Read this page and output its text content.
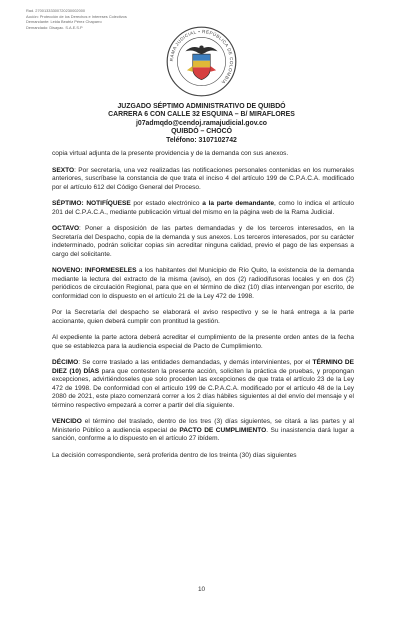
Rad. 27001333300720230002000
Acción: Protección de los Derechos e Intereses Colectivos
Demandante: Leida Beatriz Pérez Chaparro
Demandado: Disayac. S.A.E.S.P
RAMA JUDICIAL • REPÚBLICA DE COLOMBIA
JUZGADO SÉPTIMO ADMINISTRATIVO DE QUIBDÓ
CARRERA 6 CON CALLE 32 ESQUINA – B/ MIRAFLORES
j07admqdo@cendoj.ramajudicial.gov.co
QUIBDÓ – CHOCÓ
Teléfono: 3107102742

copia virtual adjunta de la presente providencia y de la demanda con sus anexos.

SEXTO: Por secretaría, una vez realizadas las notificaciones personales contenidas en los numerales anteriores, suscríbase la constancia de que trata el inciso 4 del artículo 199 de C.P.A.C.A. modificado por el artículo 612 del Código General del Proceso.

SÉPTIMO: NOTIFÍQUESE por estado electrónico a la parte demandante, como lo indica el artículo 201 del C.P.A.C.A., mediante publicación virtual del mismo en la página web de la Rama Judicial.

OCTAVO: Poner a disposición de las partes demandadas y de los terceros interesados, en la Secretaría del Despacho, copia de la demanda y sus anexos. Los terceros interesados, por su carácter indeterminado, podrán solicitar copias sin acreditar ninguna calidad, previo el pago de las expensas a cargo del solicitante.

NOVENO: INFORMESELES a los habitantes del Municipio de Río Quito, la existencia de la demanda mediante la lectura del extracto de la misma (aviso), en dos (2) radiodifusoras locales y en dos (2) periódicos de circulación Regional, para que en el término de diez (10) días intervengan por escrito, de conformidad con lo dispuesto en el artículo 21 de la Ley 472 de 1998.

Por la Secretaría del despacho se elaborará el aviso respectivo y se le hará entrega a la parte accionante, quien deberá cumplir con prontitud la gestión.

Al expediente la parte actora deberá acreditar el cumplimiento de la presente orden antes de la fecha que se establezca para la audiencia especial de Pacto de Cumplimiento.

DÉCIMO: Se corre traslado a las entidades demandadas, y demás intervinientes, por el TÉRMINO DE DIEZ (10) DÍAS para que contesten la presente acción, soliciten la práctica de pruebas, y propongan excepciones, advirtiéndoseles que solo proceden las excepciones de que trata el artículo 23 de la Ley 472 de 1998. De conformidad con el artículo 199 de C.P.A.C.A. modificado por el artículo 48 de la Ley 2080 de 2021, este plazo comenzará correr a los 2 días hábiles siguientes al del envío del mensaje y el término respectivo empezará a correr a partir del día siguiente.

VENCIDO el término del traslado, dentro de los tres (3) días siguientes, se citará a las partes y al Ministerio Público a audiencia especial de PACTO DE CUMPLIMIENTO. Su inasistencia dará lugar a sanción, conforme a lo dispuesto en el artículo 27 ibídem.

La decisión correspondiente, será proferida dentro de los treinta (30) días siguientes

10
